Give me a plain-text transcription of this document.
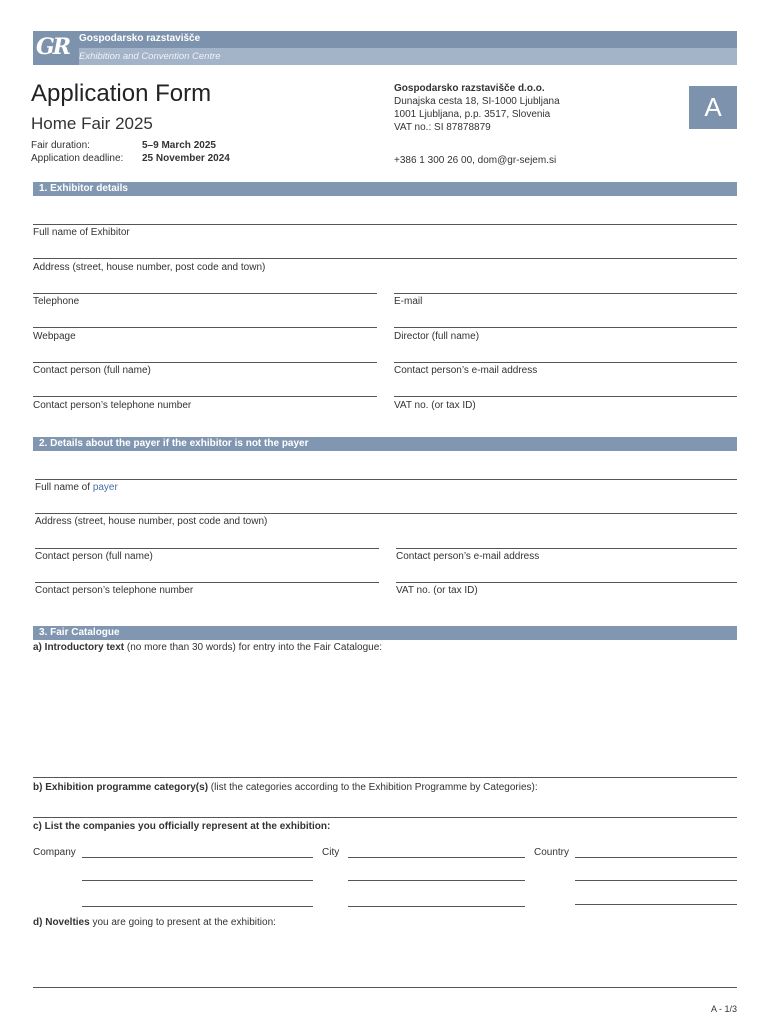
GR Gospodarsko razstavišče
Exhibition and Convention Centre
Application Form
Home Fair 2025
Fair duration:	5–9 March 2025
Application deadline: 25 November 2024
Gospodarsko razstavišče d.o.o.
Dunajska cesta 18, SI-1000 Ljubljana
1001 Ljubljana, p.p. 3517, Slovenia
VAT no.: SI 87878879
+386 1 300 26 00, dom@gr-sejem.si
A
1. Exhibitor details
Full name of Exhibitor
Address (street, house number, post code and town)
Telephone	E-mail
Webpage	Director (full name)
Contact person (full name)	Contact person’s e-mail address
Contact person’s telephone number	VAT no. (or tax ID)
2. Details about the payer if the exhibitor is not the payer
Full name of payer
Address (street, house number, post code and town)
Contact person (full name)	Contact person’s e-mail address
Contact person’s telephone number	VAT no. (or tax ID)
3. Fair Catalogue
a) Introductory text (no more than 30 words) for entry into the Fair Catalogue:
b) Exhibition programme category(s) (list the categories according to the Exhibition Programme by Categories):
c) List the companies you officially represent at the exhibition:
Company	City	Country
d) Novelties you are going to present at the exhibition:
A - 1/3
